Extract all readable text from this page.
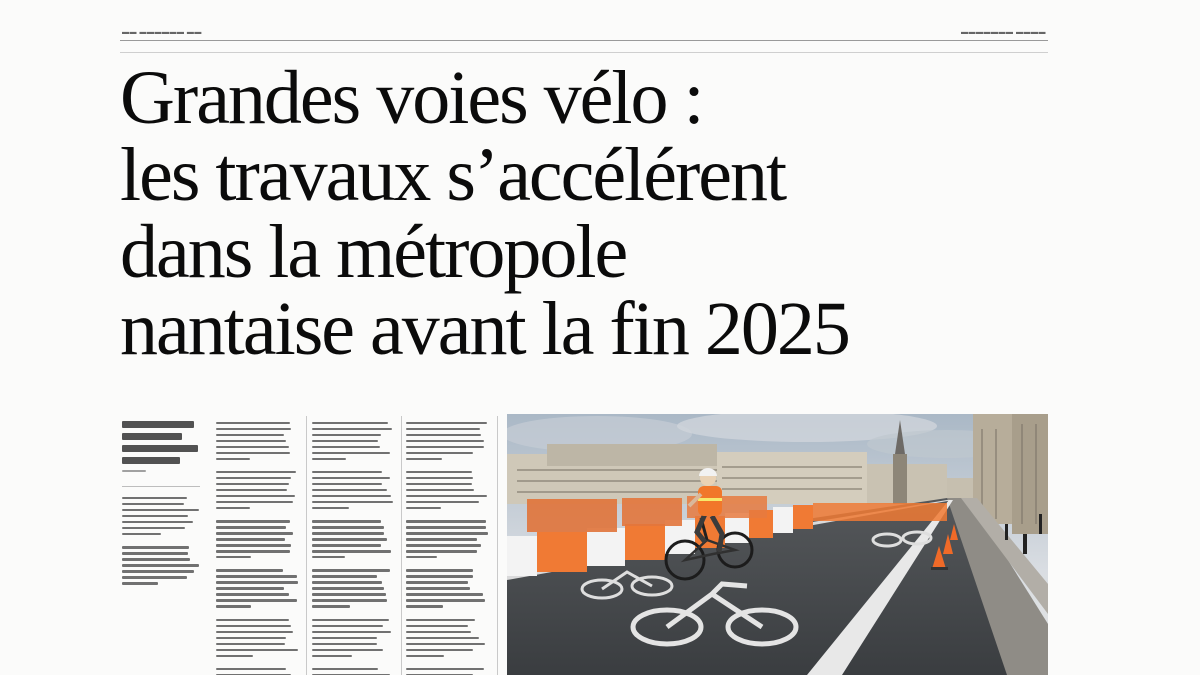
▬▬ ▬▬▬▬▬▬ ▬▬	▬▬▬▬▬▬▬ ▬▬▬▬
Grandes voies vélo :
les travaux s’accélérent
dans la métropole
nantaise avant la fin 2025
